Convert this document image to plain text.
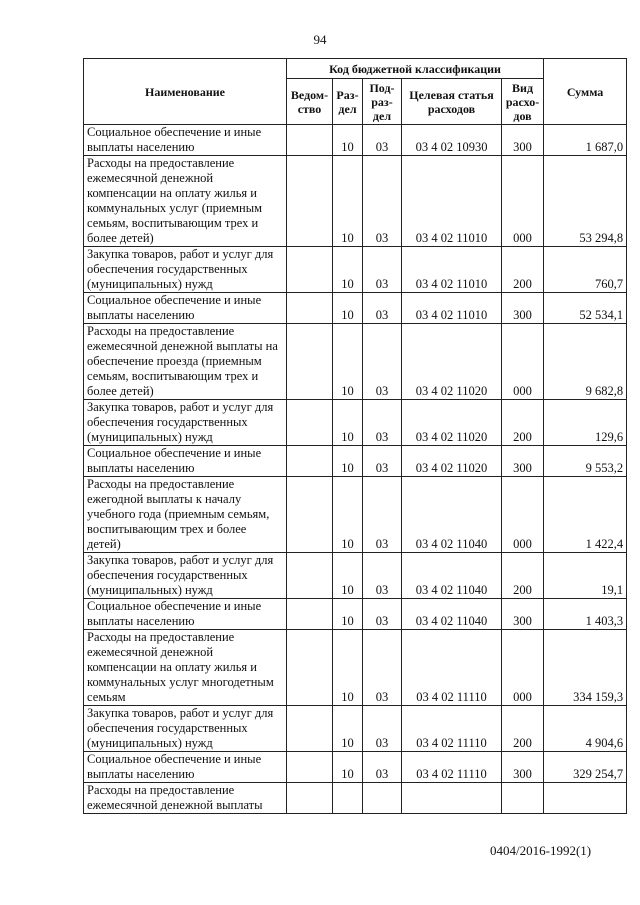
94
Наименование	Код бюджетной классификации					Сумма
	Ведом-ство	Раз-дел	Под-раз-дел	Целевая статья расходов	Вид расхо-дов	
Социальное обеспечение и иные выплаты населению		10	03	03 4 02 10930	300	1 687,0
Расходы на предоставление ежемесячной денежной компенсации на оплату жилья и коммунальных услуг (приемным семьям, воспитывающим трех и более детей)		10	03	03 4 02 11010	000	53 294,8
Закупка товаров, работ и услуг для обеспечения государственных (муниципальных) нужд		10	03	03 4 02 11010	200	760,7
Социальное обеспечение и иные выплаты населению		10	03	03 4 02 11010	300	52 534,1
Расходы на предоставление ежемесячной денежной выплаты на обеспечение проезда (приемным семьям, воспитывающим трех и более детей)		10	03	03 4 02 11020	000	9 682,8
Закупка товаров, работ и услуг для обеспечения государственных (муниципальных) нужд		10	03	03 4 02 11020	200	129,6
Социальное обеспечение и иные выплаты населению		10	03	03 4 02 11020	300	9 553,2
Расходы на предоставление ежегодной выплаты к началу учебного года (приемным семьям, воспитывающим трех и более детей)		10	03	03 4 02 11040	000	1 422,4
Закупка товаров, работ и услуг для обеспечения государственных (муниципальных) нужд		10	03	03 4 02 11040	200	19,1
Социальное обеспечение и иные выплаты населению		10	03	03 4 02 11040	300	1 403,3
Расходы на предоставление ежемесячной денежной компенсации на оплату жилья и коммунальных услуг многодетным семьям		10	03	03 4 02 11110	000	334 159,3
Закупка товаров, работ и услуг для обеспечения государственных (муниципальных) нужд		10	03	03 4 02 11110	200	4 904,6
Социальное обеспечение и иные выплаты населению		10	03	03 4 02 11110	300	329 254,7
Расходы на предоставление ежемесячной денежной выплаты						
0404/2016-1992(1)
